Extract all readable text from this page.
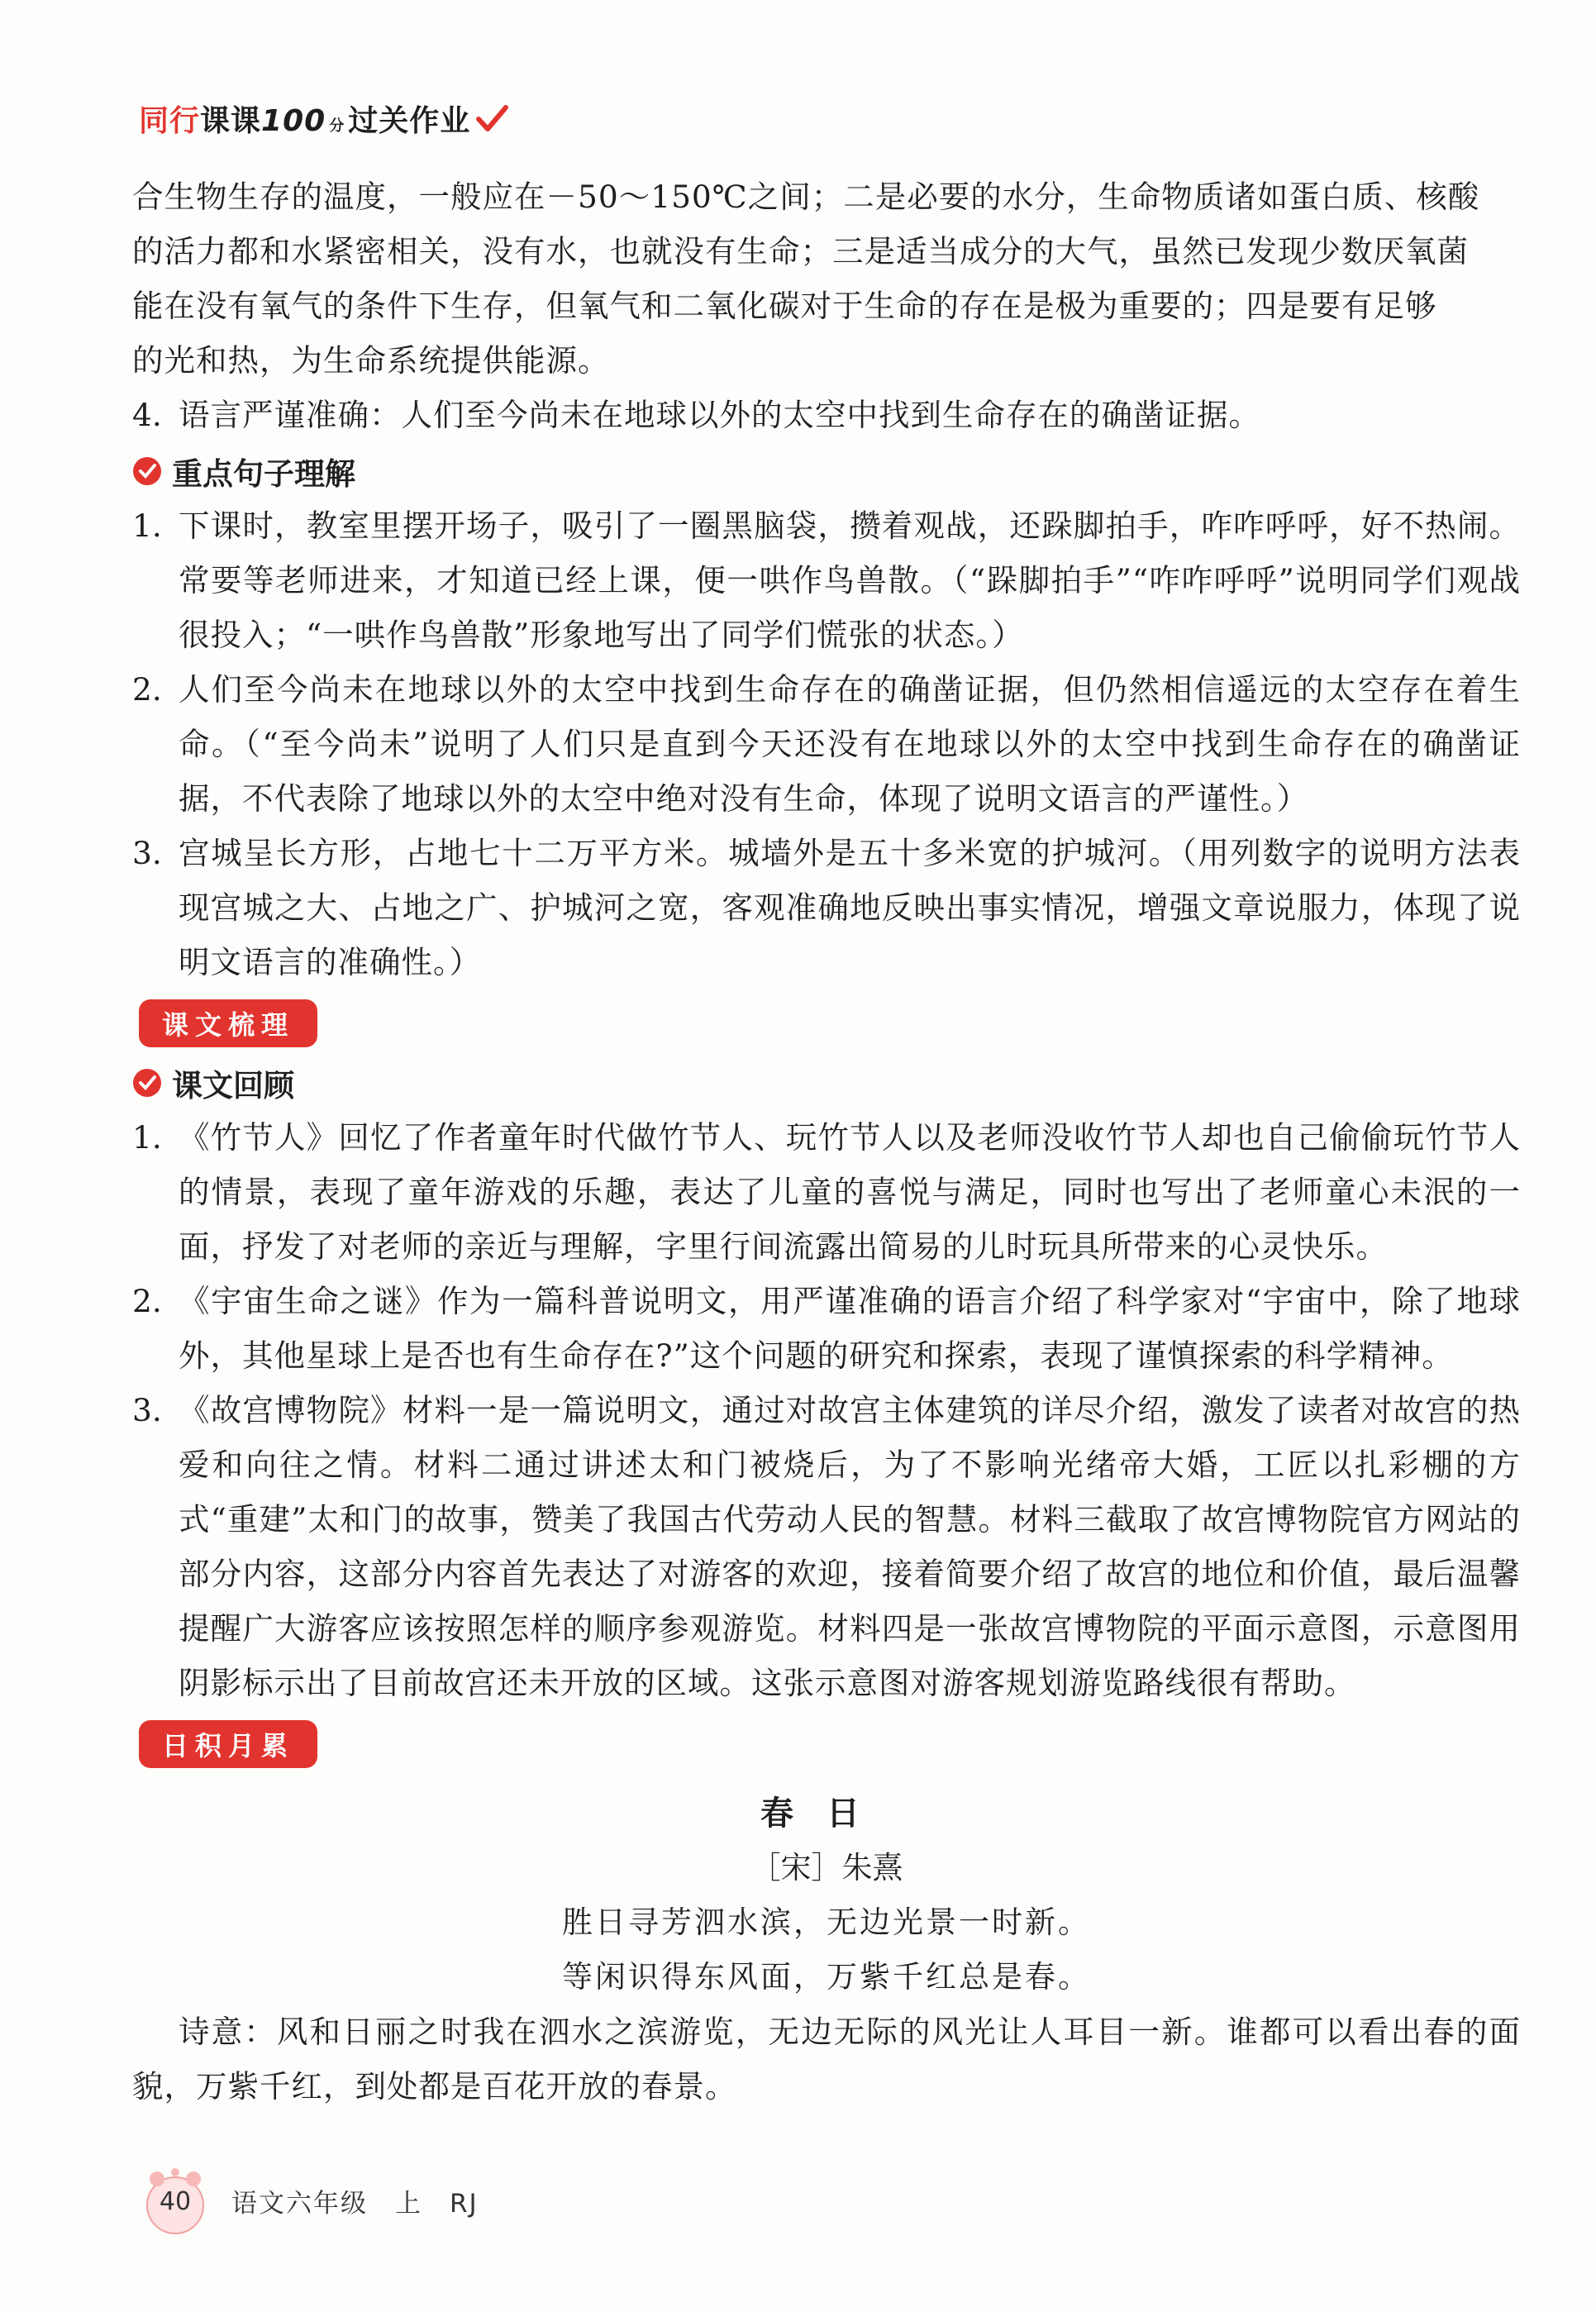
同行课课100 分 过关作业

合生物生存的温度，一般应在－50～150℃之间；二是必要的水分，生命物质诸如蛋白质、核酸

的活力都和水紧密相关，没有水，也就没有生命；三是适当成分的大气，虽然已发现少数厌氧菌

能在没有氧气的条件下生存，但氧气和二氧化碳对于生命的存在是极为重要的；四是要有足够

的光和热，为生命系统提供能源。

4. 语言严谨准确：人们至今尚未在地球以外的太空中找到生命存在的确凿证据。
重点句子理解
1. 下课时，教室里摆开场子，吸引了一圈黑脑袋，攒着观战，还跺脚拍手，咋咋呼呼，好不热闹。常要等老师进来，才知道已经上课，便一哄作鸟兽散。（“跺脚拍手”“咋咋呼呼”说明同学们观战很投入；“一哄作鸟兽散”形象地写出了同学们慌张的状态。）
2. 人们至今尚未在地球以外的太空中找到生命存在的确凿证据，但仍然相信遥远的太空存在着生命。（“至今尚未”说明了人们只是直到今天还没有在地球以外的太空中找到生命存在的确凿证据，不代表除了地球以外的太空中绝对没有生命，体现了说明文语言的严谨性。）
3. 宫城呈长方形，占地七十二万平方米。城墙外是五十多米宽的护城河。（用列数字的说明方法表现宫城之大、占地之广、护城河之宽，客观准确地反映出事实情况，增强文章说服力，体现了说明文语言的准确性。）
课文梳理
课文回顾
1. 《竹节人》回忆了作者童年时代做竹节人、玩竹节人以及老师没收竹节人却也自己偷偷玩竹节人的情景，表现了童年游戏的乐趣，表达了儿童的喜悦与满足，同时也写出了老师童心未泯的一面，抒发了对老师的亲近与理解，字里行间流露出简易的儿时玩具所带来的心灵快乐。
2. 《宇宙生命之谜》作为一篇科普说明文，用严谨准确的语言介绍了科学家对“宇宙中，除了地球外，其他星球上是否也有生命存在?”这个问题的研究和探索，表现了谨慎探索的科学精神。
3. 《故宫博物院》材料一是一篇说明文，通过对故宫主体建筑的详尽介绍，激发了读者对故宫的热爱和向往之情。材料二通过讲述太和门被烧后，为了不影响光绪帝大婚，工匠以扎彩棚的方式“重建”太和门的故事，赞美了我国古代劳动人民的智慧。材料三截取了故宫博物院官方网站的部分内容，这部分内容首先表达了对游客的欢迎，接着简要介绍了故宫的地位和价值，最后温馨提醒广大游客应该按照怎样的顺序参观游览。材料四是一张故宫博物院的平面示意图，示意图用阴影标示出了目前故宫还未开放的区域。这张示意图对游客规划游览路线很有帮助。
日积月累
春日
［宋］朱熹
胜日寻芳泗水滨，无边光景一时新。
等闲识得东风面，万紫千红总是春。

诗意：风和日丽之时我在泗水之滨游览，无边无际的风光让人耳目一新。谁都可以看出春的面貌，万紫千红，到处都是百花开放的春景。

40	语文六年级　上　RJ
